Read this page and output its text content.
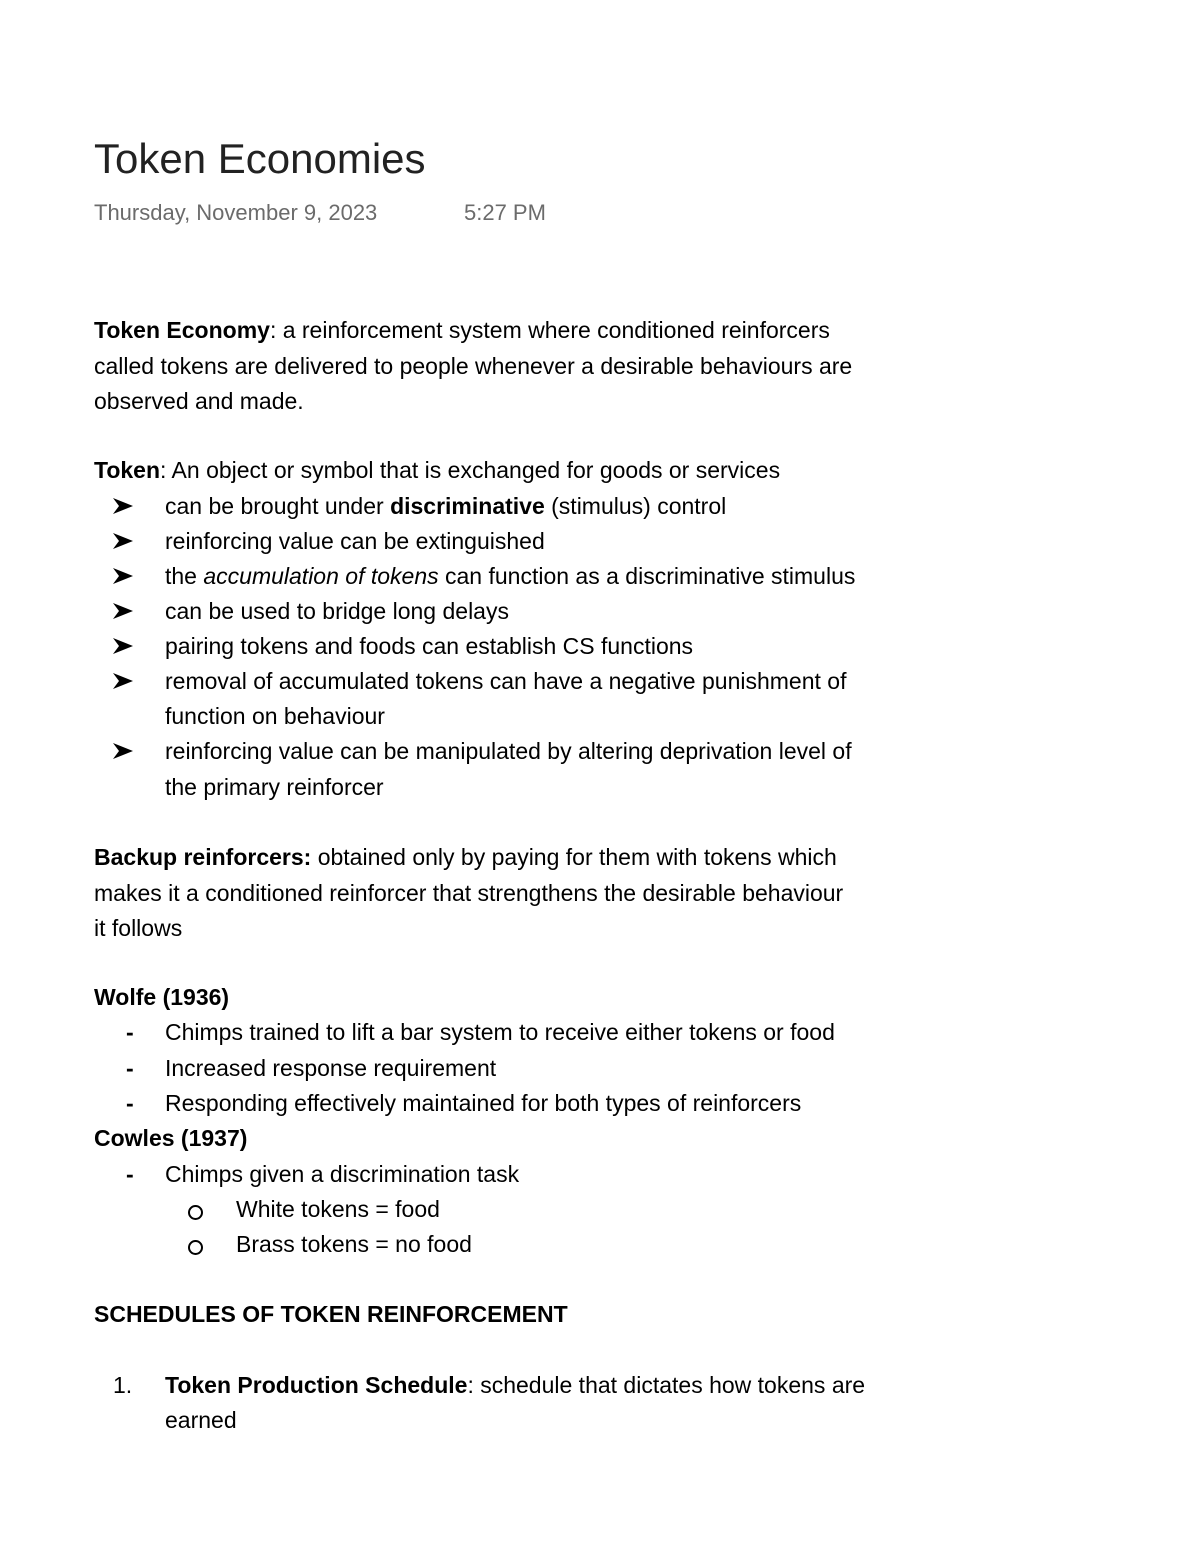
Token Economies
Thursday, November 9, 2023	5:27 PM
Token Economy: a reinforcement system where conditioned reinforcers
called tokens are delivered to people whenever a desirable behaviours are
observed and made.
Token: An object or symbol that is exchanged for goods or services
can be brought under discriminative (stimulus) control
reinforcing value can be extinguished
the accumulation of tokens can function as a discriminative stimulus
can be used to bridge long delays
pairing tokens and foods can establish CS functions
removal of accumulated tokens can have a negative punishment of
function on behaviour
reinforcing value can be manipulated by altering deprivation level of
the primary reinforcer
Backup reinforcers: obtained only by paying for them with tokens which
makes it a conditioned reinforcer that strengthens the desirable behaviour
it follows
Wolfe (1936)
- Chimps trained to lift a bar system to receive either tokens or food
- Increased response requirement
- Responding effectively maintained for both types of reinforcers
Cowles (1937)
- Chimps given a discrimination task
White tokens = food
Brass tokens = no food
SCHEDULES OF TOKEN REINFORCEMENT
1. Token Production Schedule: schedule that dictates how tokens are
earned
